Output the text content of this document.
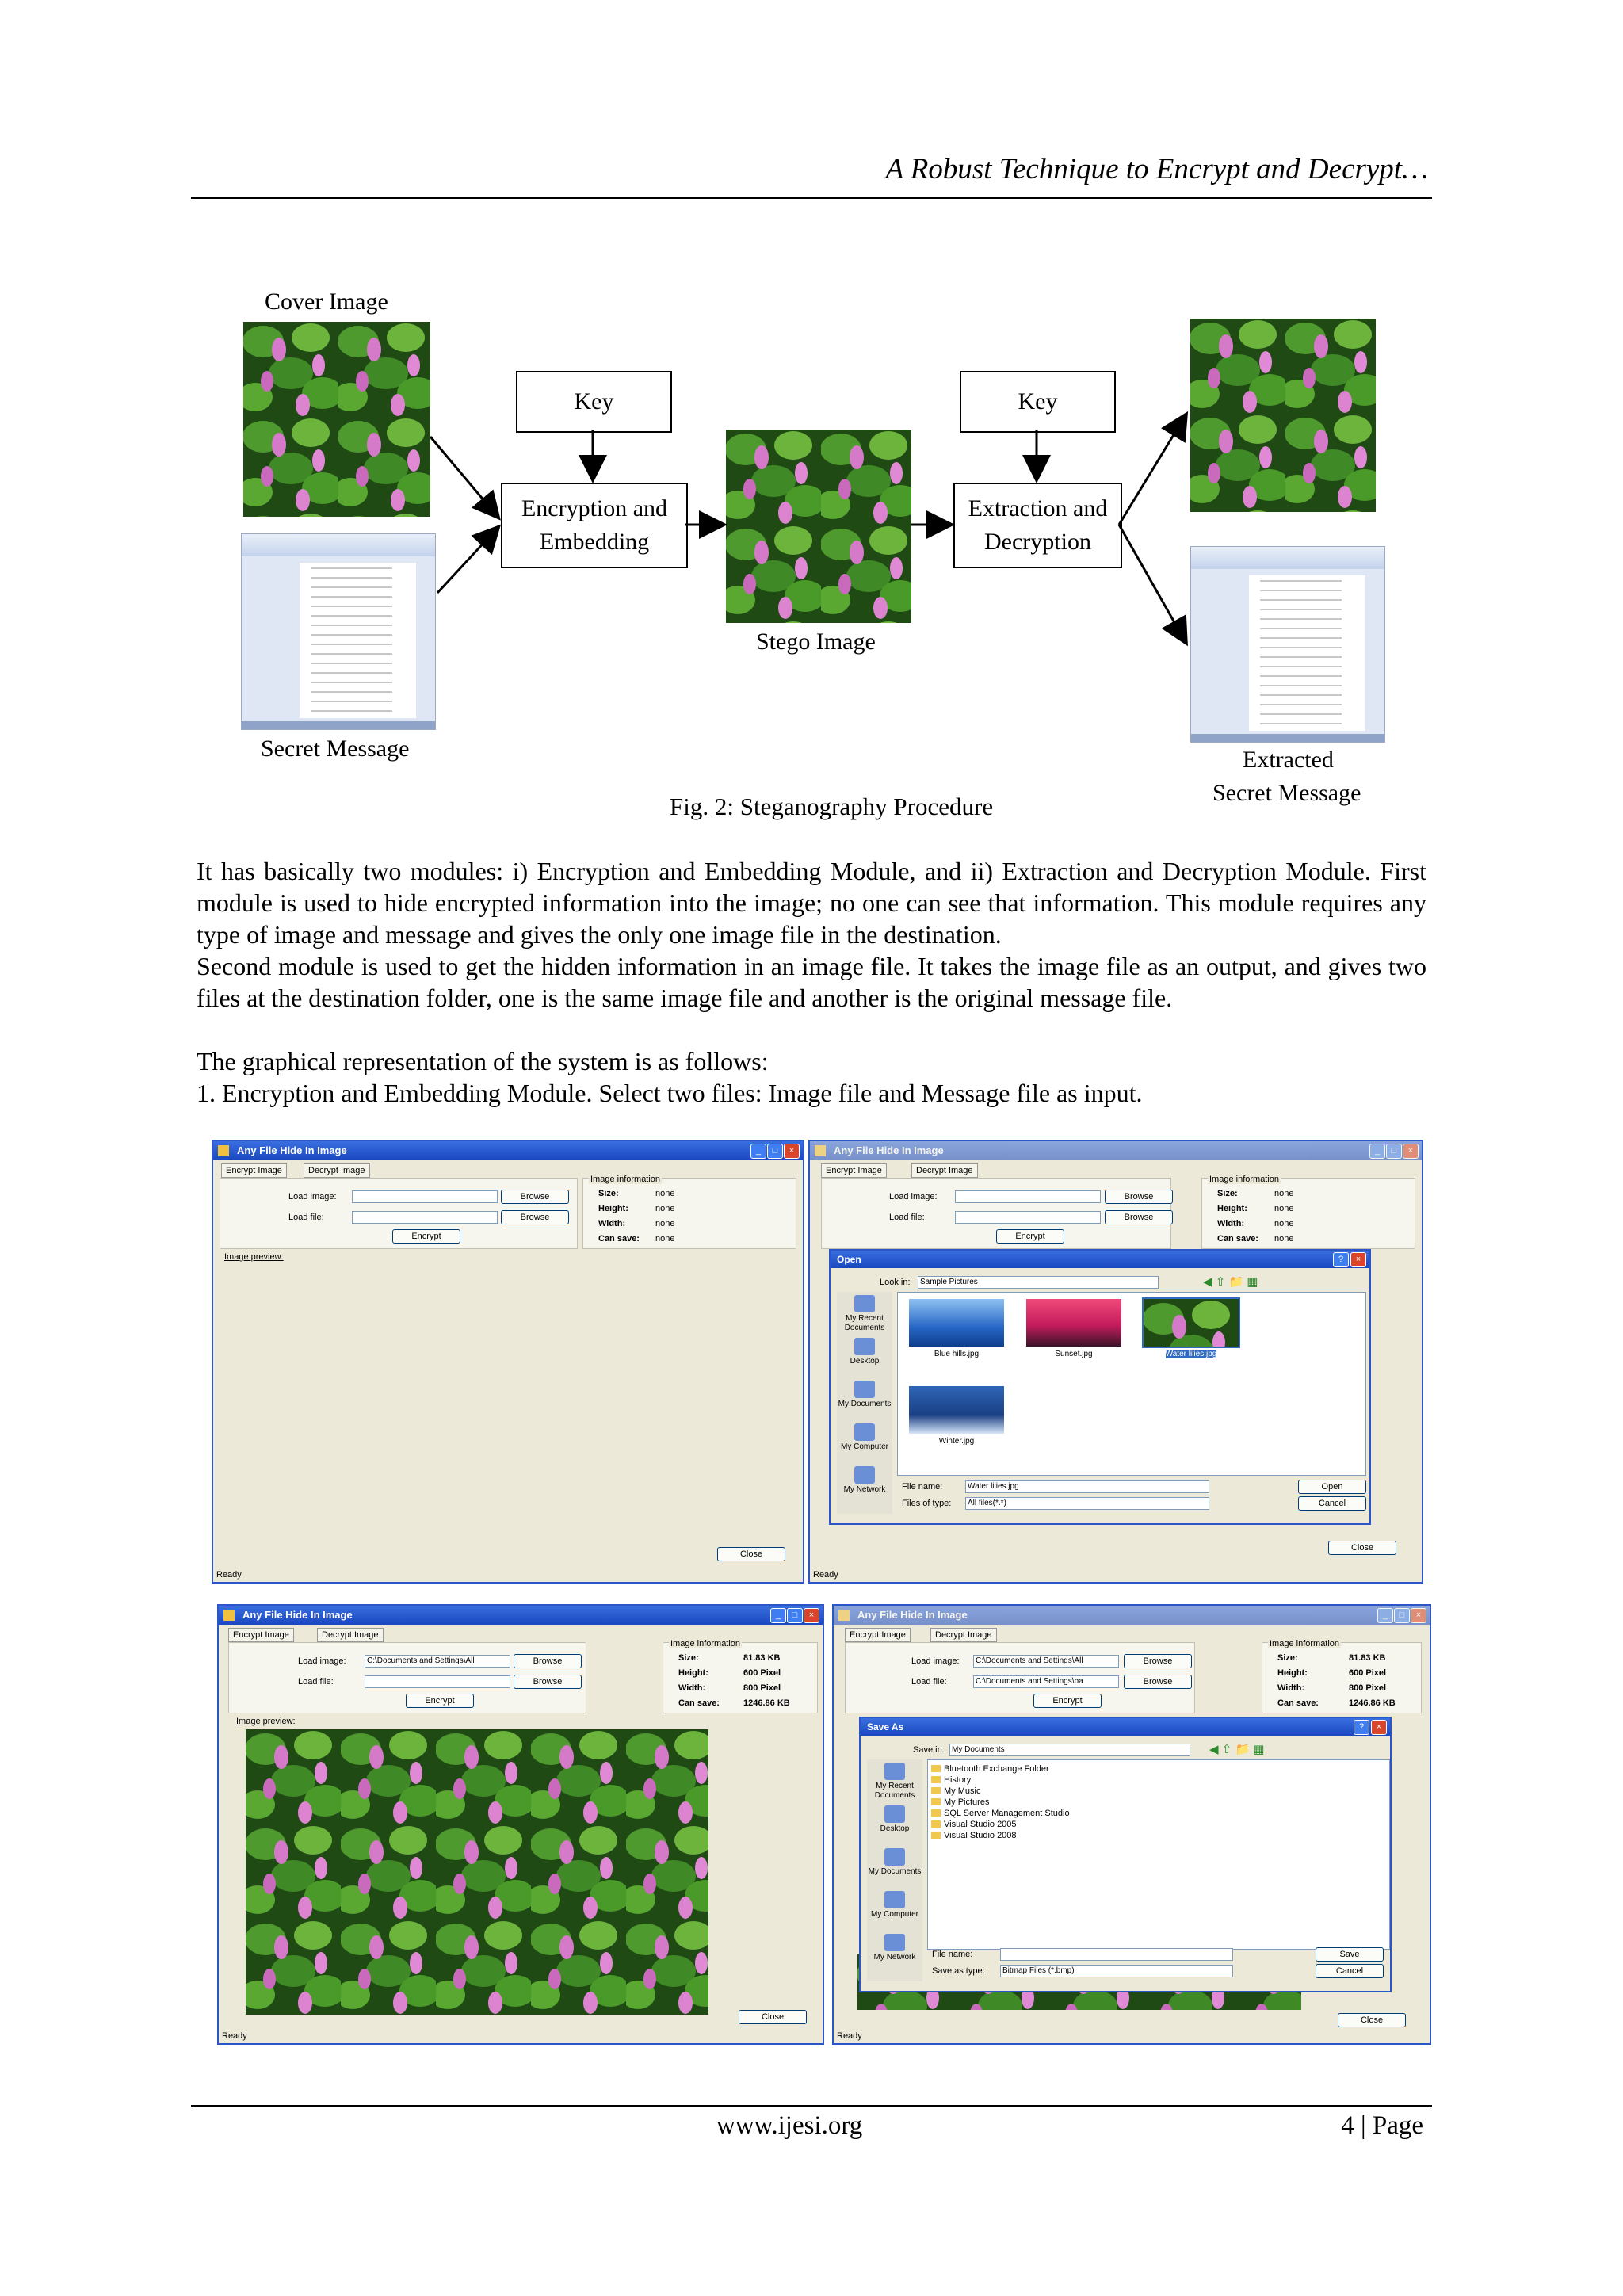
A Robust Technique to Encrypt and Decrypt…
Cover Image
Secret Message
Key
Encryption and Embedding
Stego Image
Key
Extraction and Decryption
Extracted
Secret Message
Fig. 2: Steganography Procedure

It has basically two modules: i) Encryption and Embedding Module, and ii) Extraction and Decryption Module. First module is used to hide encrypted information into the image; no one can see that information. This module requires any type of image and message and gives the only one image file in the destination.

Second module is used to get the hidden information in an image file. It takes the image file as an output, and gives two files at the destination folder, one is the same image file and another is the original message file.

The graphical representation of the system is as follows:

1. Encryption and Embedding Module. Select two files: Image file and Message file as input.

Any File Hide In Image	_	□	×
Encrypt Image	Decrypt Image
Load image:	Browse
Load file:	Browse
Encrypt
Image information
Size:	none
Height:	none
Width:	none
Can save: none
Image preview:
Close
Ready
Any File Hide In Image	_	□	×
Encrypt Image	Decrypt Image
Load image:	Browse
Load file:	Browse
Encrypt
Image information
Size:	none
Height:	none
Width:	none
Can save: none
Close
Ready
Open	?	×
Look in:	Sample Pictures	◀ ⇧ 📁 ▦
My Recent Documents
Desktop
My Documents
My Computer
My Network
Blue hills.jpg	Sunset.jpg	Water lilies.jpg
Winter.jpg
File name:	Water lilies.jpg	Open
Files of type:	All files(*.*)	Cancel
Any File Hide In Image	_	□	×
Encrypt Image	Decrypt Image
Load image:	C:\Documents and Settings\All	Browse
Load file:	Browse
Encrypt
Image information
Size:	81.83 KB
Height:	600 Pixel
Width:	800 Pixel
Can save:	1246.86 KB
Image preview:
Close
Ready
Any File Hide In Image	_	□	×
Encrypt Image	Decrypt Image
Load image:	C:\Documents and Settings\All	Browse
Load file:	C:\Documents and Settings\ba	Browse
Encrypt
Image information
Size:	81.83 KB
Height:	600 Pixel
Width:	800 Pixel
Can save:	1246.86 KB
Close
Ready
Save As	?	×
Save in: My Documents	◀ ⇧ 📁 ▦
My Recent Documents
Desktop
My Documents
My Computer
My Network
Bluetooth Exchange Folder
History
My Music
My Pictures
SQL Server Management Studio
Visual Studio 2005
Visual Studio 2008
File name:	Save
Save as type:	Bitmap Files (*.bmp)	Cancel
www.ijesi.org	4 | Page
